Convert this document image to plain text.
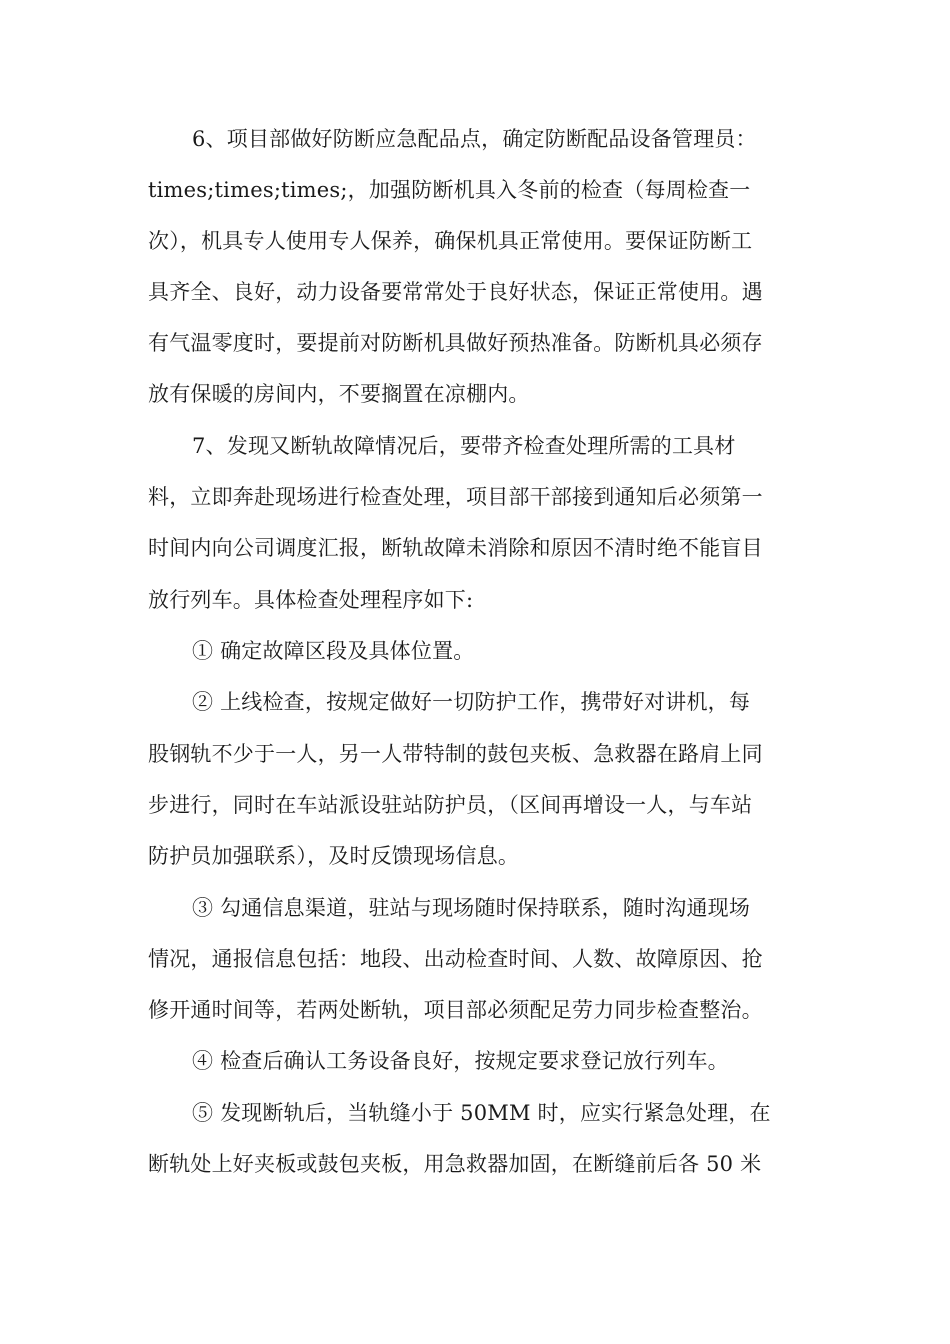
6、项目部做好防断应急配品点，确定防断配品设备管理员：
times;times;times;，加强防断机具入冬前的检查（每周检查一
次），机具专人使用专人保养，确保机具正常使用。要保证防断工
具齐全、良好，动力设备要常常处于良好状态，保证正常使用。遇
有气温零度时，要提前对防断机具做好预热准备。防断机具必须存
放有保暖的房间内，不要搁置在凉棚内。
7、发现又断轨故障情况后，要带齐检查处理所需的工具材
料，立即奔赴现场进行检查处理，项目部干部接到通知后必须第一
时间内向公司调度汇报，断轨故障未消除和原因不清时绝不能盲目
放行列车。具体检查处理程序如下:
① 确定故障区段及具体位置。
② 上线检查，按规定做好一切防护工作，携带好对讲机，每
股钢轨不少于一人，另一人带特制的鼓包夹板、急救器在路肩上同
步进行，同时在车站派设驻站防护员，（区间再增设一人，与车站
防护员加强联系），及时反馈现场信息。
③ 勾通信息渠道，驻站与现场随时保持联系，随时沟通现场
情况，通报信息包括：地段、出动检查时间、人数、故障原因、抢
修开通时间等，若两处断轨，项目部必须配足劳力同步检查整治。
④ 检查后确认工务设备良好，按规定要求登记放行列车。
⑤ 发现断轨后，当轨缝小于 50MM 时，应实行紧急处理，在
断轨处上好夹板或鼓包夹板，用急救器加固，在断缝前后各 50 米
